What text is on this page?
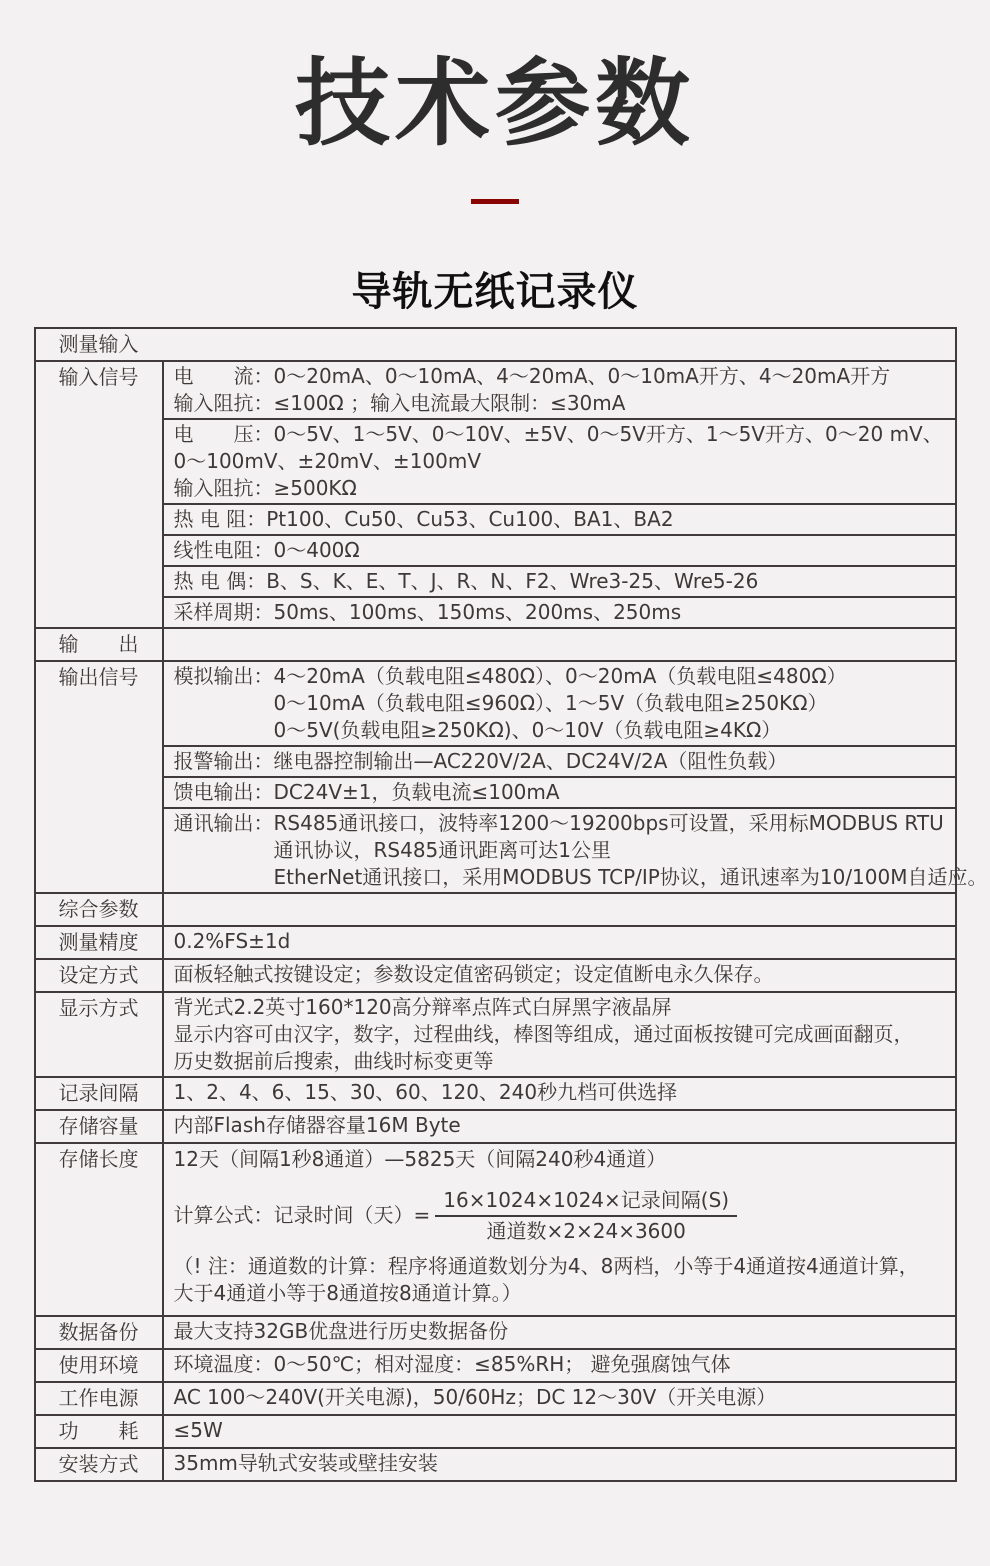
技术参数
导轨无纸记录仪
测量输入
输入信号	电　　流：0～20mA、0～10mA、4～20mA、0～10mA开方、4～20mA开方
输入阻抗：≤100Ω ；输入电流最大限制：≤30mA
电　　压：0～5V、1～5V、0～10V、±5V、0～5V开方、1～5V开方、0～20 mV、
0～100mV、±20mV、±100mV
输入阻抗：≥500KΩ
热 电 阻：Pt100、Cu50、Cu53、Cu100、BA1、BA2
线性电阻：0～400Ω
热 电 偶：B、S、K、E、T、J、R、N、F2、Wre3-25、Wre5-26
采样周期：50ms、100ms、150ms、200ms、250ms
输　　出
输出信号	模拟输出： 4～20mA（负载电阻≤480Ω）、0～20mA（负载电阻≤480Ω）
0～10mA（负载电阻≤960Ω）、1～5V（负载电阻≥250KΩ）
0～5V(负载电阻≥250KΩ)、0～10V（负载电阻≥4KΩ）
报警输出：继电器控制输出—AC220V/2A、DC24V/2A（阻性负载）
馈电输出：DC24V±1，负载电流≤100mA
通讯输出： RS485通讯接口，波特率1200～19200bps可设置，采用标MODBUS RTU
通讯协议，RS485通讯距离可达1公里
EtherNet通讯接口，采用MODBUS TCP/IP协议，通讯速率为10/100M自适应。
综合参数
测量精度	0.2%FS±1d
设定方式	面板轻触式按键设定；参数设定值密码锁定；设定值断电永久保存。
显示方式	背光式2.2英寸160*120高分辩率点阵式白屏黑字液晶屏
显示内容可由汉字，数字，过程曲线，棒图等组成，通过面板按键可完成画面翻页，
历史数据前后搜索，曲线时标变更等
记录间隔	1、2、4、6、15、30、60、120、240秒九档可供选择
存储容量	内部Flash存储器容量16M Byte
存储长度	12天（间隔1秒8通道）—5825天（间隔240秒4通道）
计算公式：记录时间（天）= $\frac{\text{16×1024×1024×记录间隔(S)}}{\text{通道数×2×24×3600}}$
（! 注：通道数的计算：程序将通道数划分为4、8两档，小等于4通道按4通道计算，
大于4通道小等于8通道按8通道计算。）
数据备份	最大支持32GB优盘进行历史数据备份
使用环境	环境温度：0～50℃；相对湿度：≤85%RH； 避免强腐蚀气体
工作电源	AC 100～240V(开关电源)，50/60Hz；DC 12～30V（开关电源）
功　　耗	≤5W
安装方式	35mm导轨式安装或壁挂安装
